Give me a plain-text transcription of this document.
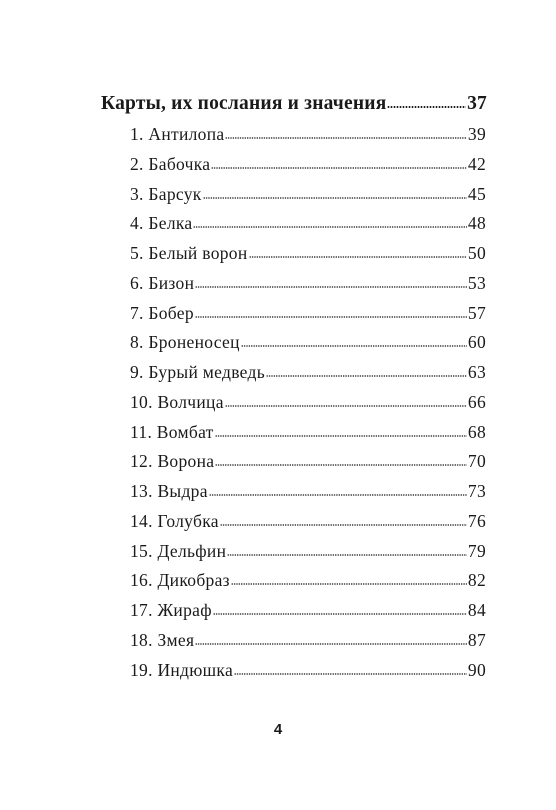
Карты, их послания и значения	37
1. Антилопа	39
2. Бабочка	42
3. Барсук	45
4. Белка	48
5. Белый ворон	50
6. Бизон	53
7. Бобер	57
8. Броненосец	60
9. Бурый медведь	63
10. Волчица	66
11. Вомбат	68
12. Ворона	70
13. Выдра	73
14. Голубка	76
15. Дельфин	79
16. Дикобраз	82
17. Жираф	84
18. Змея	87
19. Индюшка	90
4
